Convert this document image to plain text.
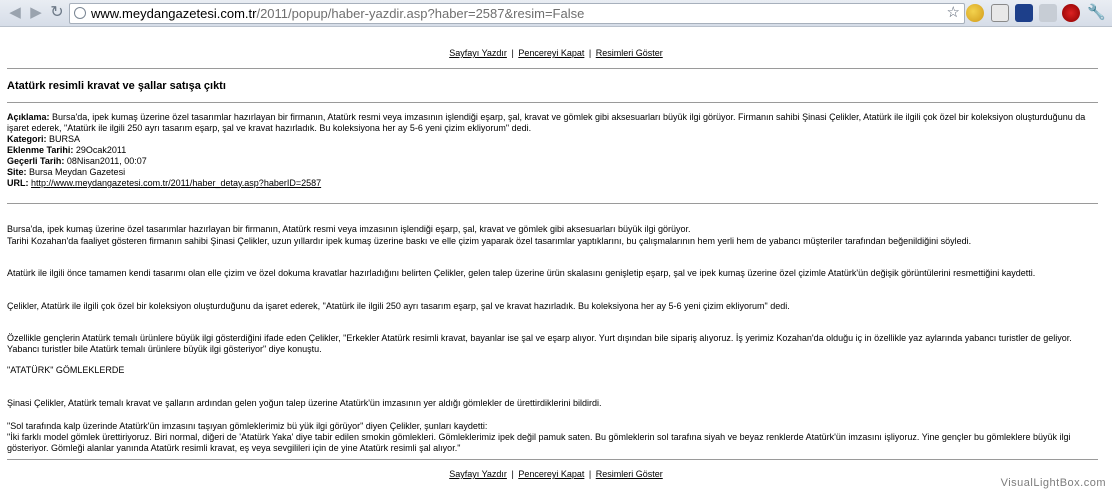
◀ ▶ ↻ www.meydangazetesi.com.tr/2011/popup/haber-yazdir.asp?haber=2587&resim=False	☆	🔧
Sayfayı Yazdır | Pencereyi Kapat | Resimleri Göster
Atatürk resimli kravat ve şallar satışa çıktı
Açıklama: Bursa'da, ipek kumaş üzerine özel tasarımlar hazırlayan bir firmanın, Atatürk resmi veya imzasının işlendiği eşarp, şal, kravat ve gömlek gibi aksesuarları büyük ilgi görüyor. Firmanın sahibi Şinasi Çelikler, Atatürk ile ilgili çok özel bir koleksiyon oluşturduğunu da işaret ederek, "Atatürk ile ilgili 250 ayrı tasarım eşarp, şal ve kravat hazırladık. Bu koleksiyona her ay 5-6 yeni çizim ekliyorum" dedi.
Kategori: BURSA
Eklenme Tarihi: 29Ocak2011
Geçerli Tarih: 08Nisan2011, 00:07
Site: Bursa Meydan Gazetesi
URL: http://www.meydangazetesi.com.tr/2011/haber_detay.asp?haberID=2587
Bursa'da, ipek kumaş üzerine özel tasarımlar hazırlayan bir firmanın, Atatürk resmi veya imzasının işlendiği eşarp, şal, kravat ve gömlek gibi aksesuarları büyük ilgi görüyor.
Tarihi Kozahan'da faaliyet gösteren firmanın sahibi Şinasi Çelikler, uzun yıllardır ipek kumaş üzerine baskı ve elle çizim yaparak özel tasarımlar yaptıklarını, bu çalışmalarının hem yerli hem de yabancı müşteriler tarafından beğenildiğini söyledi.
Atatürk ile ilgili önce tamamen kendi tasarımı olan elle çizim ve özel dokuma kravatlar hazırladığını belirten Çelikler, gelen talep üzerine ürün skalasını genişletip eşarp, şal ve ipek kumaş üzerine özel çizimle Atatürk'ün değişik görüntülerini resmettiğini kaydetti.
Çelikler, Atatürk ile ilgili çok özel bir koleksiyon oluşturduğunu da işaret ederek, "Atatürk ile ilgili 250 ayrı tasarım eşarp, şal ve kravat hazırladık. Bu koleksiyona her ay 5-6 yeni çizim ekliyorum" dedi.
Özellikle gençlerin Atatürk temalı ürünlere büyük ilgi gösterdiğini ifade eden Çelikler, "Erkekler Atatürk resimli kravat, bayanlar ise şal ve eşarp alıyor. Yurt dışından bile sipariş alıyoruz. İş yerimiz Kozahan'da olduğu iç in özellikle yaz aylarında yabancı turistler de geliyor. Yabancı turistler bile Atatürk temalı ürünlere büyük ilgi gösteriyor" diye konuştu.
"ATATÜRK" GÖMLEKLERDE
Şinasi Çelikler, Atatürk temalı kravat ve şalların ardından gelen yoğun talep üzerine Atatürk'ün imzasının yer aldığı gömlekler de ürettirdiklerini bildirdi.
"Sol tarafında kalp üzerinde Atatürk'ün imzasını taşıyan gömleklerimiz bü yük ilgi görüyor" diyen Çelikler, şunları kaydetti:
"İki farklı model gömlek ürettiriyoruz. Biri normal, diğeri de 'Atatürk Yaka' diye tabir edilen smokin gömlekleri. Gömleklerimiz ipek değil pamuk saten. Bu gömleklerin sol tarafına siyah ve beyaz renklerde Atatürk'ün imzasını işliyoruz. Yine gençler bu gömleklere büyük ilgi gösteriyor. Gömleği alanlar yanında Atatürk resimli kravat, eş veya sevgilileri için de yine Atatürk resimli şal alıyor."
Sayfayı Yazdır | Pencereyi Kapat | Resimleri Göster
VisualLightBox.com
